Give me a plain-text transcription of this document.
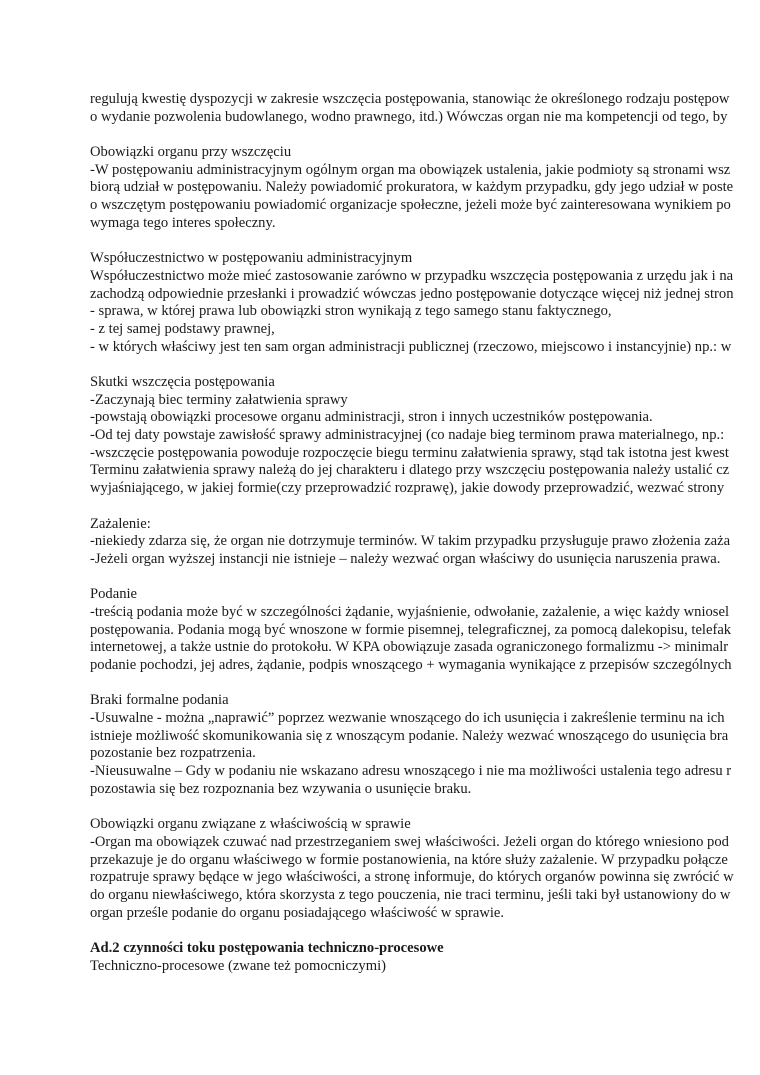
regulują kwestię dyspozycji w zakresie wszczęcia postępowania, stanowiąc że określonego rodzaju postępow
o wydanie pozwolenia budowlanego, wodno prawnego, itd.) Wówczas organ nie ma kompetencji od tego, by
Obowiązki organu przy wszczęciu
-W postępowaniu administracyjnym ogólnym organ ma obowiązek ustalenia, jakie podmioty są stronami wsz
biorą udział w postępowaniu. Należy powiadomić prokuratora, w każdym przypadku, gdy jego udział w poste
o wszczętym postępowaniu powiadomić organizacje społeczne, jeżeli może być zainteresowana wynikiem po
wymaga tego interes społeczny.
Współuczestnictwo w postępowaniu administracyjnym
Współuczestnictwo może mieć zastosowanie zarówno w przypadku wszczęcia postępowania z urzędu jak i na
zachodzą odpowiednie przesłanki i prowadzić wówczas jedno postępowanie dotyczące więcej niż jednej stron
- sprawa, w której prawa lub obowiązki stron wynikają z tego samego stanu faktycznego,
- z tej samej podstawy prawnej,
- w których właściwy jest ten sam organ administracji publicznej (rzeczowo, miejscowo i instancyjnie) np.: w
Skutki wszczęcia postępowania
-Zaczynają biec terminy załatwienia sprawy
-powstają obowiązki procesowe organu administracji, stron i innych uczestników postępowania.
-Od tej daty powstaje zawisłość sprawy administracyjnej (co nadaje bieg terminom prawa materialnego, np.:
-wszczęcie postępowania powoduje rozpoczęcie biegu terminu załatwienia sprawy, stąd tak istotna jest kwest
Terminu załatwienia sprawy należą do jej charakteru i dlatego przy wszczęciu postępowania należy ustalić cz
wyjaśniającego, w jakiej formie(czy przeprowadzić rozprawę), jakie dowody przeprowadzić, wezwać strony
Zażalenie:
-niekiedy zdarza się, że organ nie dotrzymuje terminów. W takim przypadku przysługuje prawo złożenia zaża
-Jeżeli organ wyższej instancji nie istnieje – należy wezwać organ właściwy do usunięcia naruszenia prawa.
Podanie
-treścią podania może być w szczególności żądanie, wyjaśnienie, odwołanie, zażalenie, a więc każdy wniosel
postępowania. Podania mogą być wnoszone w formie pisemnej, telegraficznej, za pomocą dalekopisu, telefak
internetowej, a także ustnie do protokołu. W KPA obowiązuje zasada ograniczonego formalizmu -> minimalr
podanie pochodzi, jej adres, żądanie, podpis wnoszącego + wymagania wynikające z przepisów szczególnych
Braki formalne podania
-Usuwalne - można „naprawić” poprzez wezwanie wnoszącego do ich usunięcia i zakreślenie terminu na ich
istnieje możliwość skomunikowania się z wnoszącym podanie. Należy wezwać wnoszącego do usunięcia bra
pozostanie bez rozpatrzenia.
-Nieusuwalne – Gdy w podaniu nie wskazano adresu wnoszącego i nie ma możliwości ustalenia tego adresu r
pozostawia się bez rozpoznania bez wzywania o usunięcie braku.
Obowiązki organu związane z właściwością w sprawie
-Organ ma obowiązek czuwać nad przestrzeganiem swej właściwości. Jeżeli organ do którego wniesiono pod
przekazuje je do organu właściwego w formie postanowienia, na które służy zażalenie. W przypadku połącze
rozpatruje sprawy będące w jego właściwości, a stronę informuje, do których organów powinna się zwrócić w
do organu niewłaściwego, która skorzysta z tego pouczenia, nie traci terminu, jeśli taki był ustanowiony do w
organ prześle podanie do organu posiadającego właściwość w sprawie.
Ad.2 czynności toku postępowania techniczno-procesowe
Techniczno-procesowe (zwane też pomocniczymi)
